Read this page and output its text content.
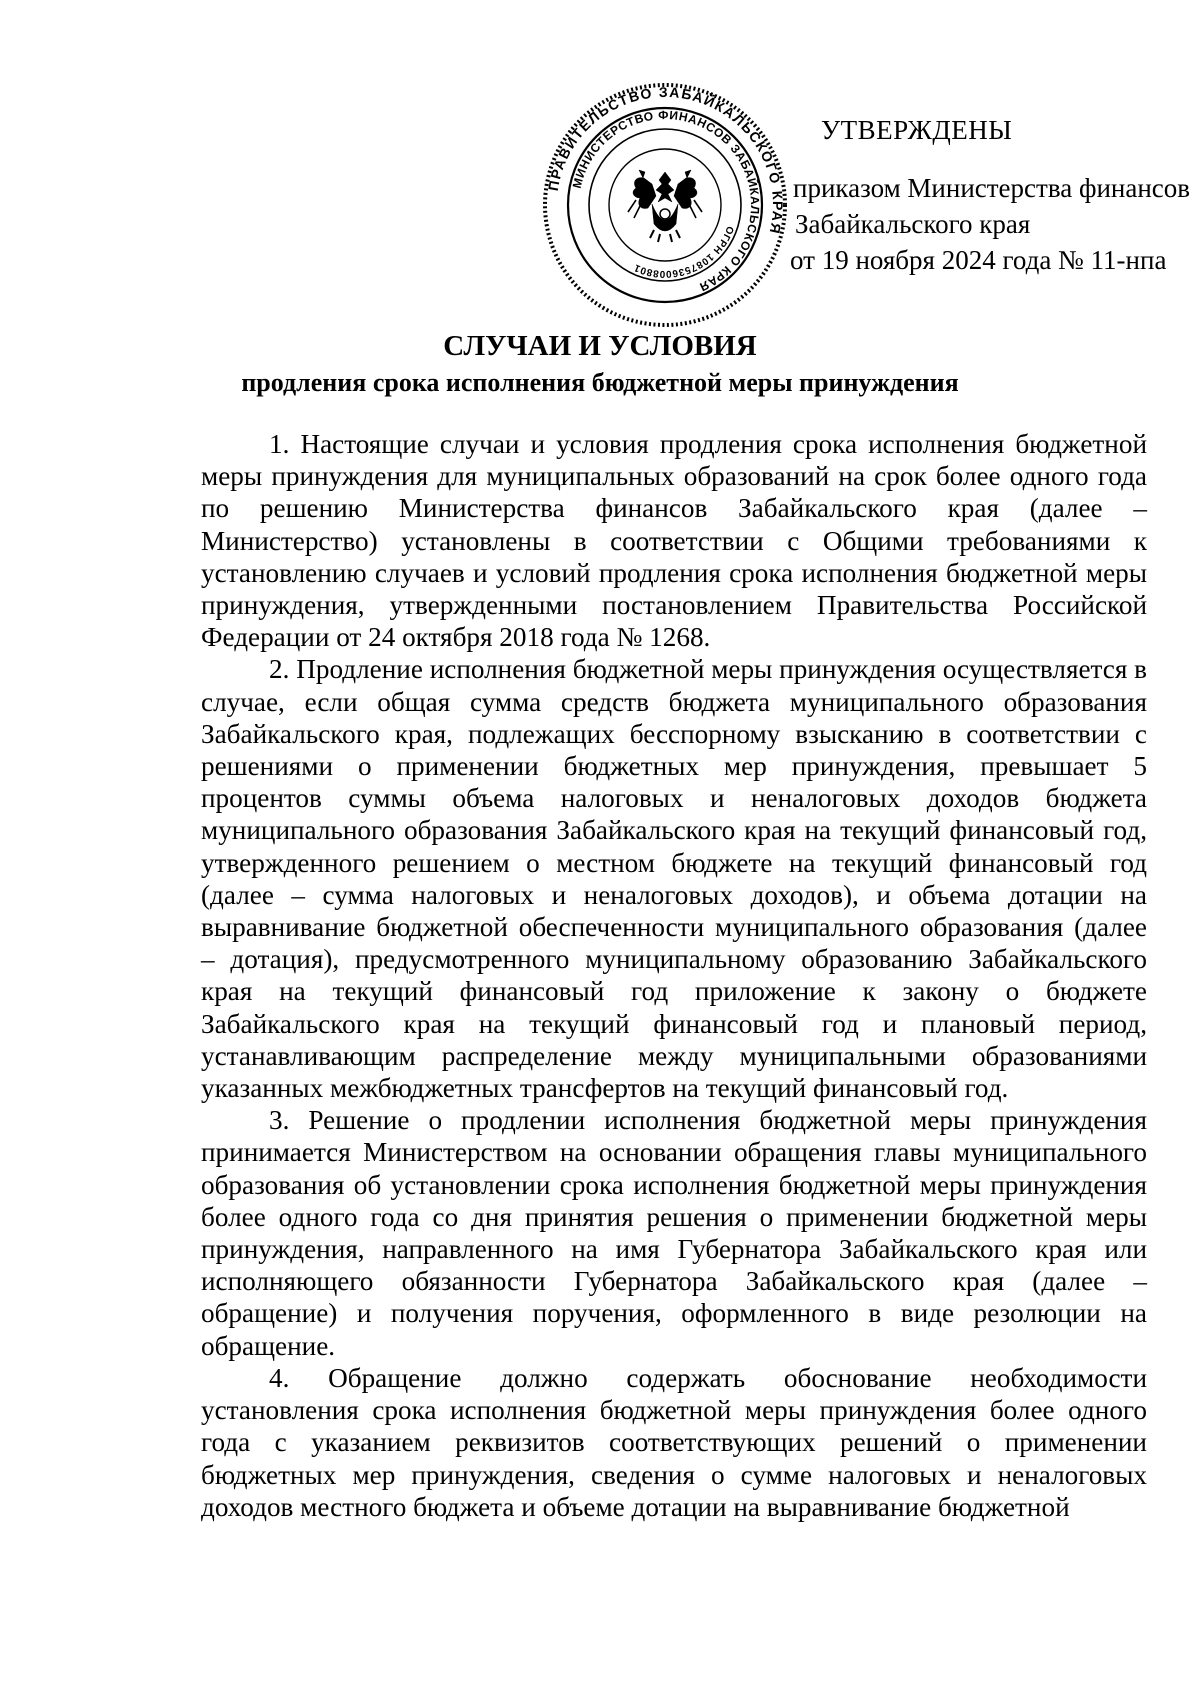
ПРАВИТЕЛЬСТВО ЗАБАЙКАЛЬСКОГО КРАЯ
МИНИСТЕРСТВО ФИНАНСОВ ЗАБАЙКАЛЬСКОГО КРАЯ
ОГРН 1087536008801
УТВЕРЖДЕНЫ
приказом Министерства финансов
Забайкальского края
от 19 ноября 2024 года № 11-нпа
СЛУЧАИ И УСЛОВИЯ
продления срока исполнения бюджетной меры принуждения

1. Настоящие случаи и условия продления срока исполнения бюджетной меры принуждения для муниципальных образований на срок более одного года по решению Министерства финансов Забайкальского края (далее – Министерство) установлены в соответствии с Общими требованиями к установлению случаев и условий продления срока исполнения бюджетной меры принуждения, утвержденными постановлением Правительства Российской Федерации от 24 октября 2018 года № 1268.

2. Продление исполнения бюджетной меры принуждения осуществляется в случае, если общая сумма средств бюджета муниципального образования Забайкальского края, подлежащих бесспорному взысканию в соответствии с решениями о применении бюджетных мер принуждения, превышает 5 процентов суммы объема налоговых и неналоговых доходов бюджета муниципального образования Забайкальского края на текущий финансовый год, утвержденного решением о местном бюджете на текущий финансовый год (далее – сумма налоговых и неналоговых доходов), и объема дотации на выравнивание бюджетной обеспеченности муниципального образования (далее – дотация), предусмотренного муниципальному образованию Забайкальского края на текущий финансовый год приложение к закону о бюджете Забайкальского края на текущий финансовый год и плановый период, устанавливающим распределение между муниципальными образованиями указанных межбюджетных трансфертов на текущий финансовый год.

3. Решение о продлении исполнения бюджетной меры принуждения принимается Министерством на основании обращения главы муниципального образования об установлении срока исполнения бюджетной меры принуждения более одного года со дня принятия решения о применении бюджетной меры принуждения, направленного на имя Губернатора Забайкальского края или исполняющего обязанности Губернатора Забайкальского края (далее – обращение) и получения поручения, оформленного в виде резолюции на обращение.

4. Обращение должно содержать обоснование необходимости установления срока исполнения бюджетной меры принуждения более одного года с указанием реквизитов соответствующих решений о применении бюджетных мер принуждения, сведения о сумме налоговых и неналоговых доходов местного бюджета и объеме дотации на выравнивание бюджетной
